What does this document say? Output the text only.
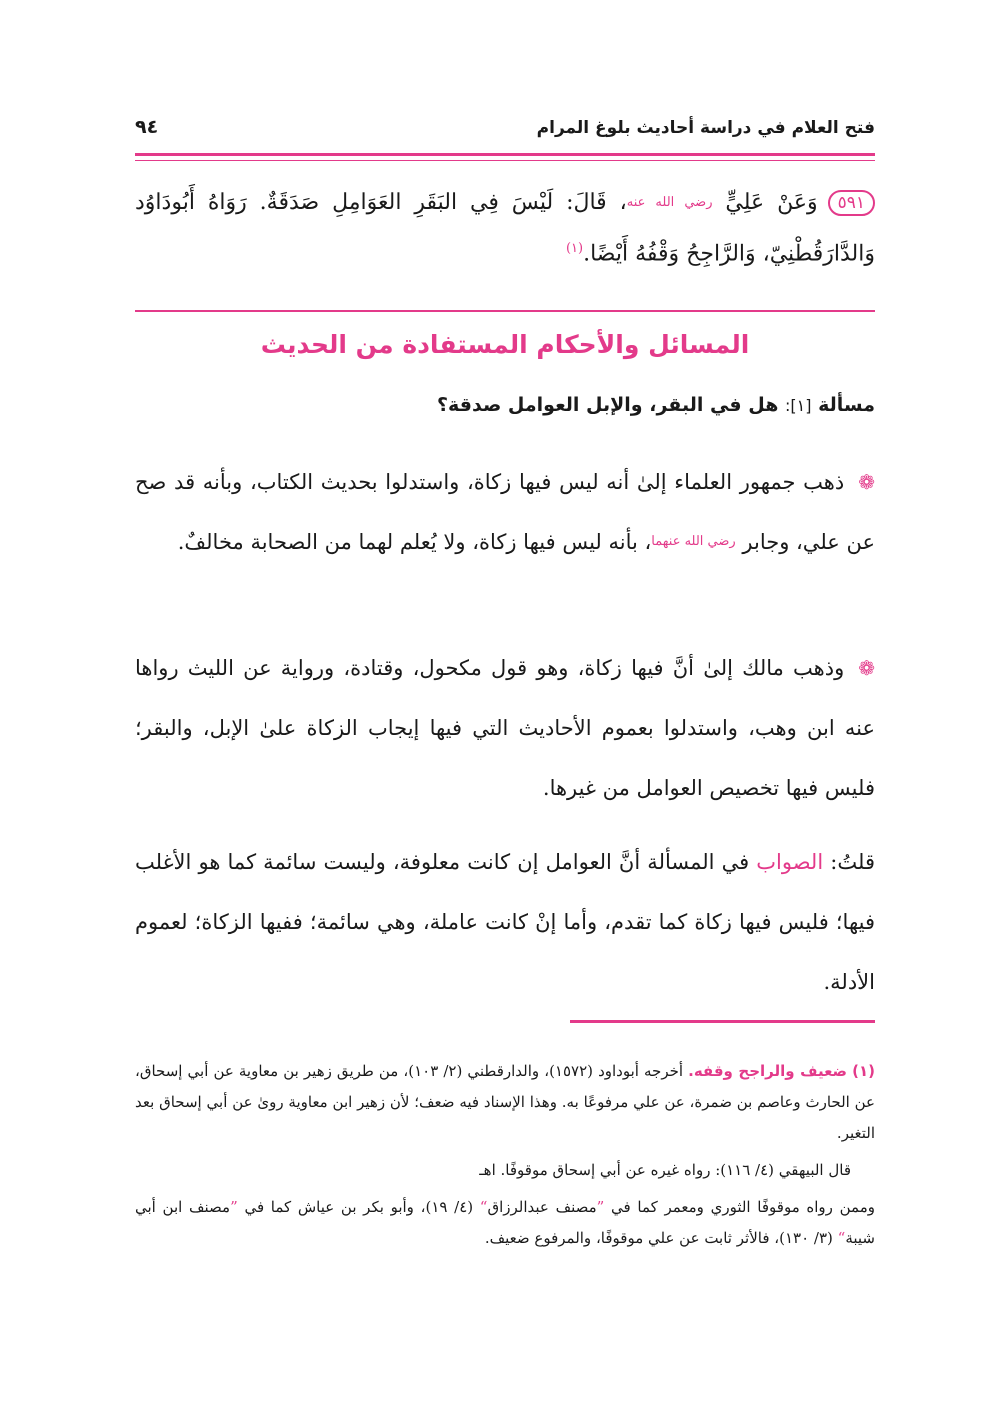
فتح العلام في دراسة أحاديث بلوغ المرام
٩٤
٥٩١وَعَنْ عَلِيٍّ $^{رضي الله عنه}$، قَالَ: لَيْسَ فِي البَقَرِ العَوَامِلِ صَدَقَةٌ. رَوَاهُ أَبُودَاوُد وَالدَّارَقُطْنِيّ، وَالرَّاجِحُ وَقْفُهُ أَيْضًا.$^{(١)}$
المسائل والأحكام المستفادة من الحديث
مسألة [١]: هل في البقر، والإبل العوامل صدقة؟
❁ذهب جمهور العلماء إلىٰ أنه ليس فيها زكاة، واستدلوا بحديث الكتاب، وبأنه قد صح عن علي، وجابر $^{رضي الله عنهما}$، بأنه ليس فيها زكاة، ولا يُعلم لهما من الصحابة مخالفٌ.
❁وذهب مالك إلىٰ أنَّ فيها زكاة، وهو قول مكحول، وقتادة، ورواية عن الليث رواها عنه ابن وهب، واستدلوا بعموم الأحاديث التي فيها إيجاب الزكاة علىٰ الإبل، والبقر؛ فليس فيها تخصيص العوامل من غيرها.
قلتُ: الصواب في المسألة أنَّ العوامل إن كانت معلوفة، وليست سائمة كما هو الأغلب فيها؛ فليس فيها زكاة كما تقدم، وأما إنْ كانت عاملة، وهي سائمة؛ ففيها الزكاة؛ لعموم الأدلة.
(١) ضعيف والراجح وقفه. أخرجه أبوداود (١٥٧٢)، والدارقطني (٢/ ١٠٣)، من طريق زهير بن معاوية عن أبي إسحاق، عن الحارث وعاصم بن ضمرة، عن علي مرفوعًا به. وهذا الإسناد فيه ضعف؛ لأن زهير ابن معاوية روىٰ عن أبي إسحاق بعد التغير.
قال البيهقي (٤/ ١١٦): رواه غيره عن أبي إسحاق موقوفًا. اهـ
وممن رواه موقوفًا الثوري ومعمر كما في ”مصنف عبدالرزاق“ (٤/ ١٩)، وأبو بكر بن عياش كما في ”مصنف ابن أبي شيبة“ (٣/ ١٣٠)، فالأثر ثابت عن علي موقوفًا، والمرفوع ضعيف.
